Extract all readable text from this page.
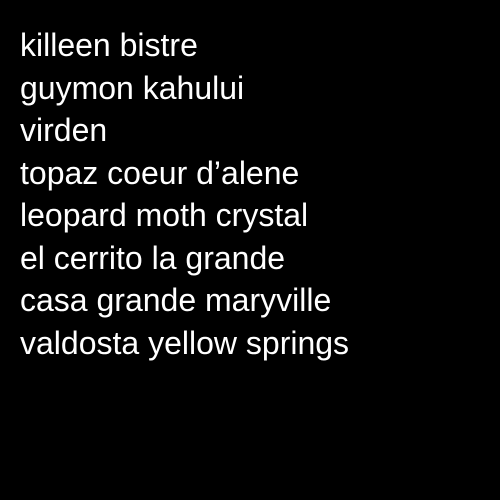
killeen bistre
guymon kahului
virden
topaz coeur d’alene
leopard moth crystal
el cerrito la grande
casa grande maryville
valdosta yellow springs
